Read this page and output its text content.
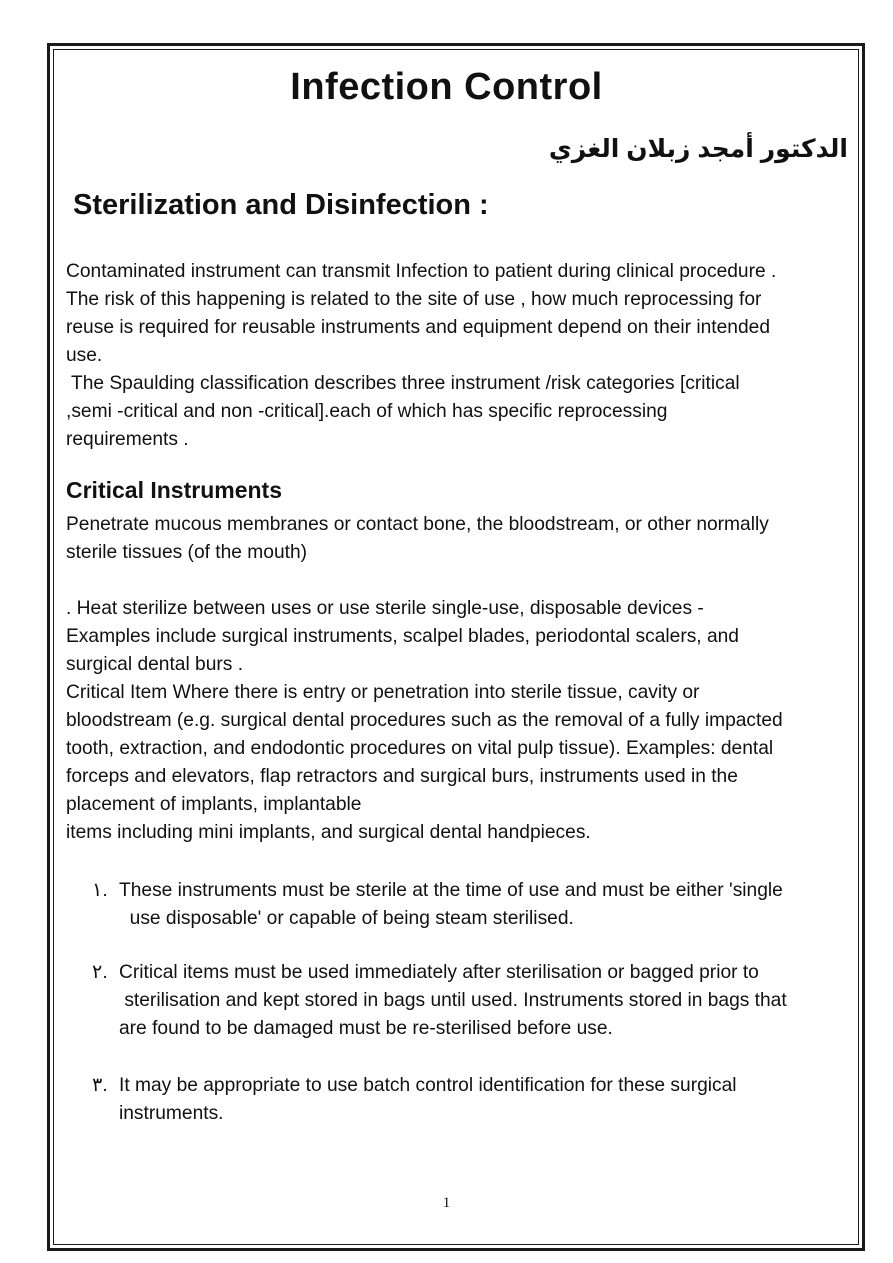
Infection Control

الدكتور أمجد زبلان الغزي

Sterilization and Disinfection :

Contaminated instrument can transmit Infection to patient during clinical procedure .
The risk of this happening is related to the site of use , how much reprocessing for
reuse is required for reusable instruments and equipment depend on their intended
use.
The Spaulding classification describes three instrument /risk categories [critical
,semi -critical and non -critical].each of which has specific reprocessing
requirements .

Critical Instruments

Penetrate mucous membranes or contact bone, the bloodstream, or other normally
sterile tissues (of the mouth)

. Heat sterilize between uses or use sterile single-use, disposable devices -
Examples include surgical instruments, scalpel blades, periodontal scalers, and
surgical dental burs .
Critical Item Where there is entry or penetration into sterile tissue, cavity or
bloodstream (e.g. surgical dental procedures such as the removal of a fully impacted
tooth, extraction, and endodontic procedures on vital pulp tissue). Examples: dental
forceps and elevators, flap retractors and surgical burs, instruments used in the
placement of implants, implantable
items including mini implants, and surgical dental handpieces.

١. These instruments must be sterile at the time of use and must be either 'single
use disposable' or capable of being steam sterilised.
٢. Critical items must be used immediately after sterilisation or bagged prior to
sterilisation and kept stored in bags until used. Instruments stored in bags that
are found to be damaged must be re-sterilised before use.
٣. It may be appropriate to use batch control identification for these surgical
instruments.

1
